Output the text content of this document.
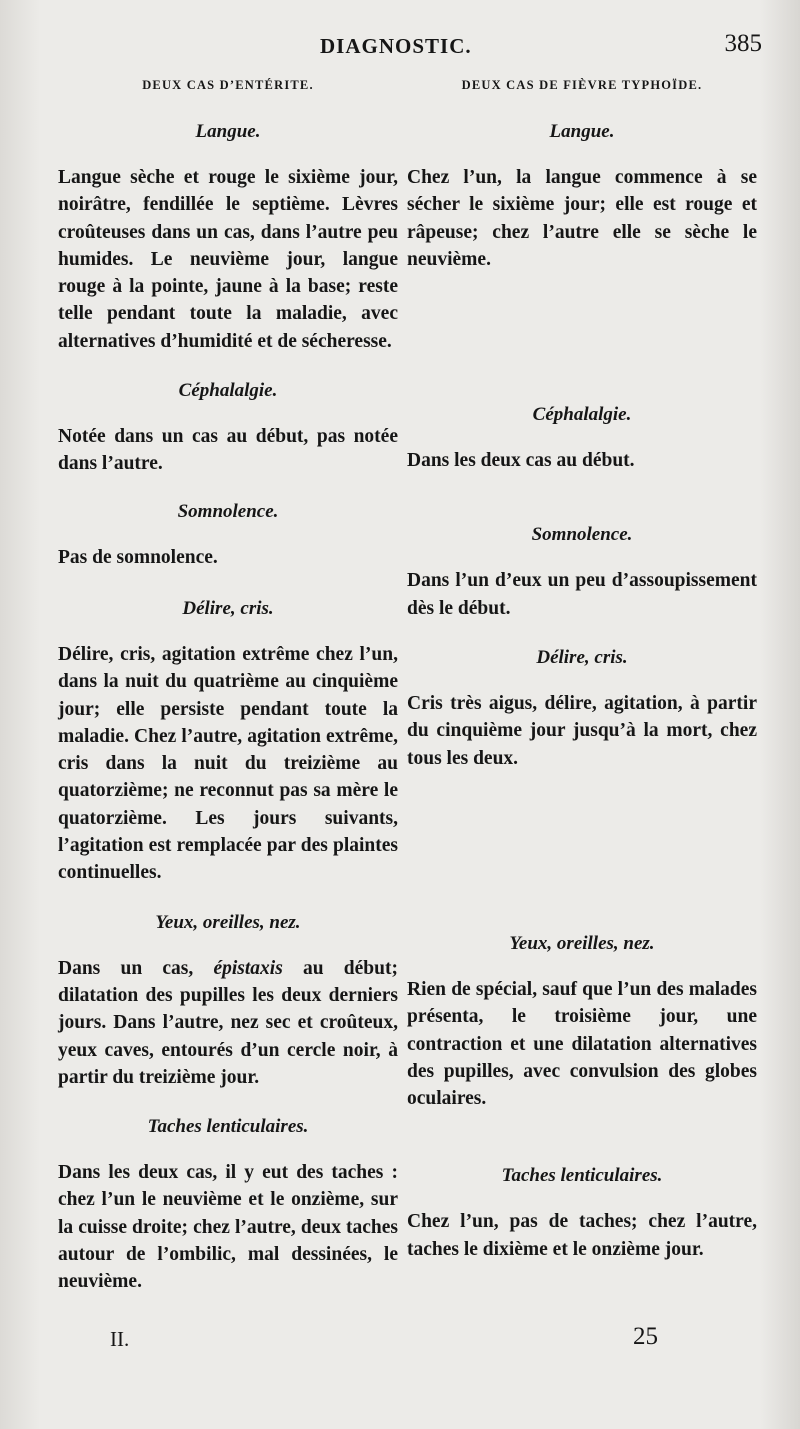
DIAGNOSTIC.	385
DEUX CAS D’ENTÉRITE.
Langue.

Langue sèche et rouge le sixième jour, noirâtre, fendillée le septième. Lèvres croûteuses dans un cas, dans l’autre peu humides. Le neuvième jour, langue rouge à la pointe, jaune à la base; reste telle pendant toute la maladie, avec alternatives d’humidité et de sécheresse.

Céphalalgie.

Notée dans un cas au début, pas notée dans l’autre.

Somnolence.

Pas de somnolence.

Délire, cris.

Délire, cris, agitation extrême chez l’un, dans la nuit du quatrième au cinquième jour; elle persiste pendant toute la maladie. Chez l’autre, agitation extrême, cris dans la nuit du treizième au quatorzième; ne reconnut pas sa mère le quatorzième. Les jours suivants, l’agitation est remplacée par des plaintes continuelles.

Yeux, oreilles, nez.

Dans un cas, épistaxis au début; dilatation des pupilles les deux derniers jours. Dans l’autre, nez sec et croûteux, yeux caves, entourés d’un cercle noir, à partir du treizième jour.

Taches lenticulaires.

Dans les deux cas, il y eut des taches : chez l’un le neuvième et le onzième, sur la cuisse droite; chez l’autre, deux taches autour de l’ombilic, mal dessinées, le neuvième.

DEUX CAS DE FIÈVRE TYPHOÏDE.
Langue.

Chez l’un, la langue commence à se sécher le sixième jour; elle est rouge et râpeuse; chez l’autre elle se sèche le neuvième.

Céphalalgie.

Dans les deux cas au début.

Somnolence.

Dans l’un d’eux un peu d’assoupissement dès le début.

Délire, cris.

Cris très aigus, délire, agitation, à partir du cinquième jour jusqu’à la mort, chez tous les deux.

Yeux, oreilles, nez.

Rien de spécial, sauf que l’un des malades présenta, le troisième jour, une contraction et une dilatation alternatives des pupilles, avec convulsion des globes oculaires.

Taches lenticulaires.

Chez l’un, pas de taches; chez l’autre, taches le dixième et le onzième jour.

II.	25
